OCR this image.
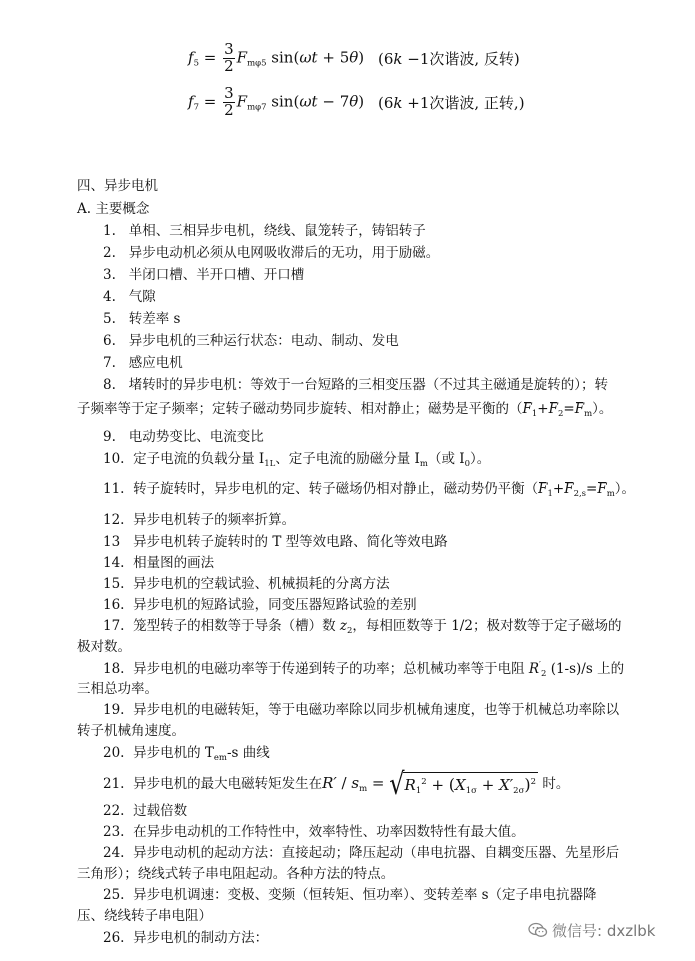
$f_5 = \frac{3}{2} F_{m\varphi 5}$ sin(ωt + 5θ) (6k −1次谐波, 反转)
$f_7 = \frac{3}{2} F_{m\varphi 7}$ sin(ωt − 7θ) (6k +1次谐波, 正转,)
四、异步电机
A. 主要概念
1. 单相、三相异步电机，绕线、鼠笼转子，铸铝转子
2. 异步电动机必须从电网吸收滞后的无功，用于励磁。
3. 半闭口槽、半开口槽、开口槽
4. 气隙
5. 转差率 s
6. 异步电机的三种运行状态：电动、制动、发电
7. 感应电机
8. 堵转时的异步电机：等效于一台短路的三相变压器（不过其主磁通是旋转的）；转
子频率等于定子频率；定转子磁动势同步旋转、相对静止；磁势是平衡的$(F_1+F_2=F_m)$。
9. 电动势变比、电流变比
10. 定子电流的负载分量 $I_{1L}$、定子电流的励磁分量 $I_m$（或 $I_0$）。
11. 转子旋转时，异步电机的定、转子磁场仍相对静止，磁动势仍平衡$(F_1+F_{2,s}=F_m)$。
12. 异步电机转子的频率折算。
13 异步电机转子旋转时的 T 型等效电路、简化等效电路
14. 相量图的画法
15. 异步电机的空载试验、机械损耗的分离方法
16. 异步电机的短路试验，同变压器短路试验的差别
17. 笼型转子的相数等于导条（槽）数 $z_2$，每相匝数等于 1/2；极对数等于定子磁场的
极对数。
18. 异步电机的电磁功率等于传递到转子的功率；总机械功率等于电阻 $R'_2$ (1-s)/s 上的
三相总功率。
19. 异步电机的电磁转矩，等于电磁功率除以同步机械角速度，也等于机械总功率除以
转子机械角速度。
20. 异步电机的 $T_{em}-s$ 曲线
21. 异步电机的最大电磁转矩发生在$R' / s_m = √R_1^2 + (X_{1\sigma} + X'_{2\sigma})^2$ 时。
22. 过载倍数
23. 在异步电动机的工作特性中，效率特性、功率因数特性有最大值。
24. 异步电动机的起动方法：直接起动；降压起动（串电抗器、自耦变压器、先星形后
三角形）；绕线式转子串电阻起动。各种方法的特点。
25. 异步电机调速：变极、变频（恒转矩、恒功率）、变转差率 s（定子串电抗器降
压、绕线转子串电阻）
26. 异步电机的制动方法：	微信号: dxzlbk
